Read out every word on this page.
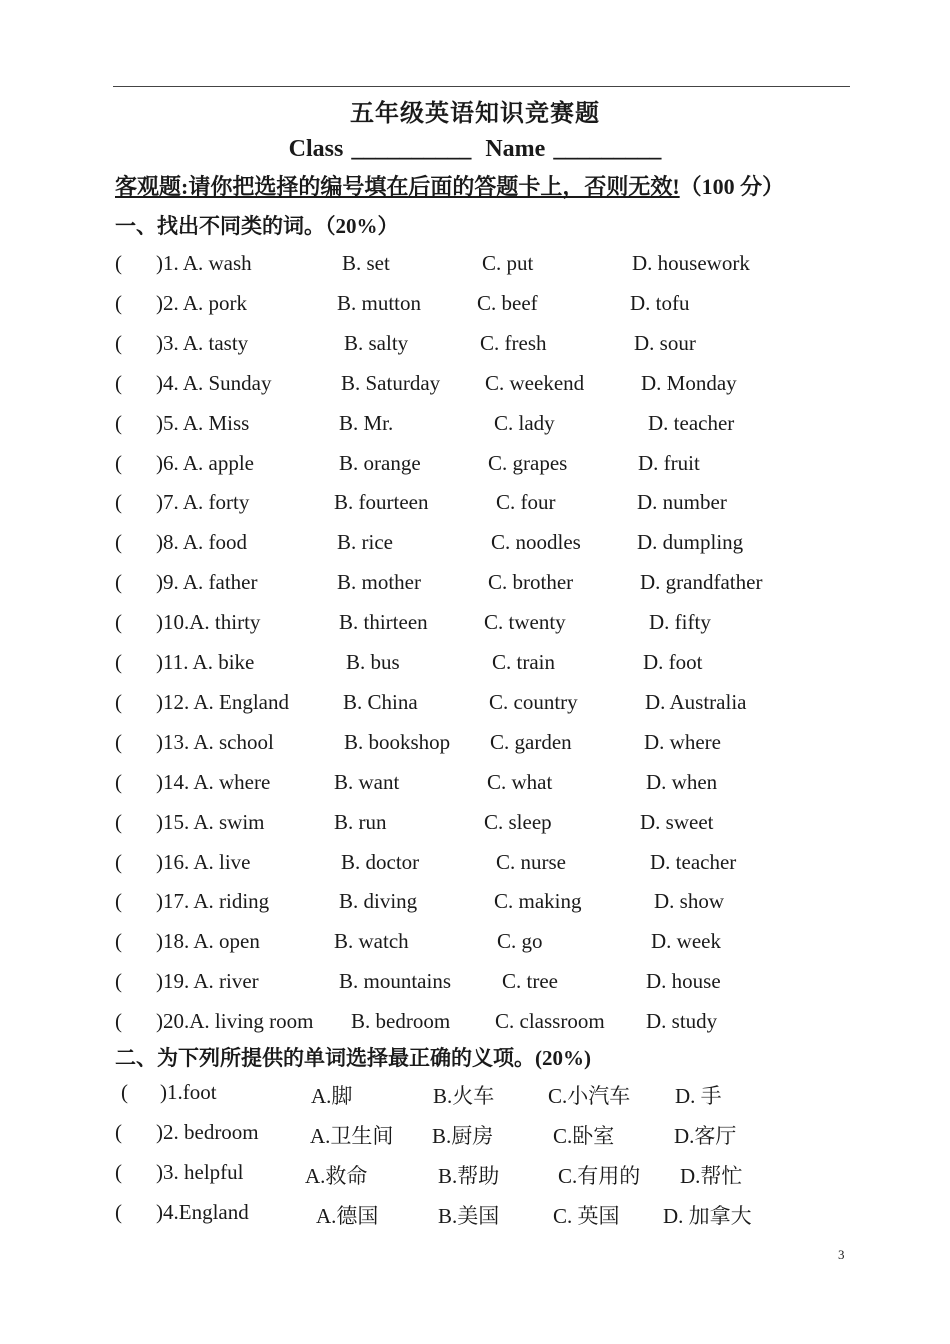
五年级英语知识竞赛题
Class __________ Name _________
客观题:请你把选择的编号填在后面的答题卡上，否则无效!（100 分）
一、找出不同类的词。（20%）
( )1. A. wash	B. set	C. put	D. housework
( )2. A. pork	B. mutton	C. beef	D. tofu
( )3. A. tasty	B. salty	C. fresh	D. sour
( )4. A. Sunday	B. Saturday C. weekend	D. Monday
( )5. A. Miss	B. Mr.	C. lady	D. teacher
( )6. A. apple	B. orange	C. grapes	D. fruit
( )7. A. forty	B. fourteen	C. four	D. number
( )8. A. food	B. rice	C. noodles	D. dumpling
( )9. A. father	B. mother	C. brother	D. grandfather
( )10.A. thirty	B. thirteen	C. twenty	D. fifty
( )11. A. bike	B. bus	C. train	D. foot
( )12. A. England	B. China	C. country	D. Australia
( )13. A. school	B. bookshop C. garden	D. where
( )14. A. where	B. want	C. what	D. when
( )15. A. swim	B. run	C. sleep	D. sweet
( )16. A. live	B. doctor	C. nurse	D. teacher
( )17. A. riding	B. diving	C. making	D. show
( )18. A. open	B. watch	C. go	D. week
( )19. A. river	B. mountains C. tree	D. house
( )20.A. living room B. bedroom C. classroom D. study
二、为下列所提供的单词选择最正确的义项。(20%)
( )1.foot	A.脚	B.火车	C.小汽车 D. 手
( )2. bedroom A.卫生间 B.厨房	C.卧室	D.客厅
( )3. helpful	A.救命	B.帮助	C.有用的 D.帮忙
( )4.England	A.德国	B.美国	C. 英国 D. 加拿大
3
